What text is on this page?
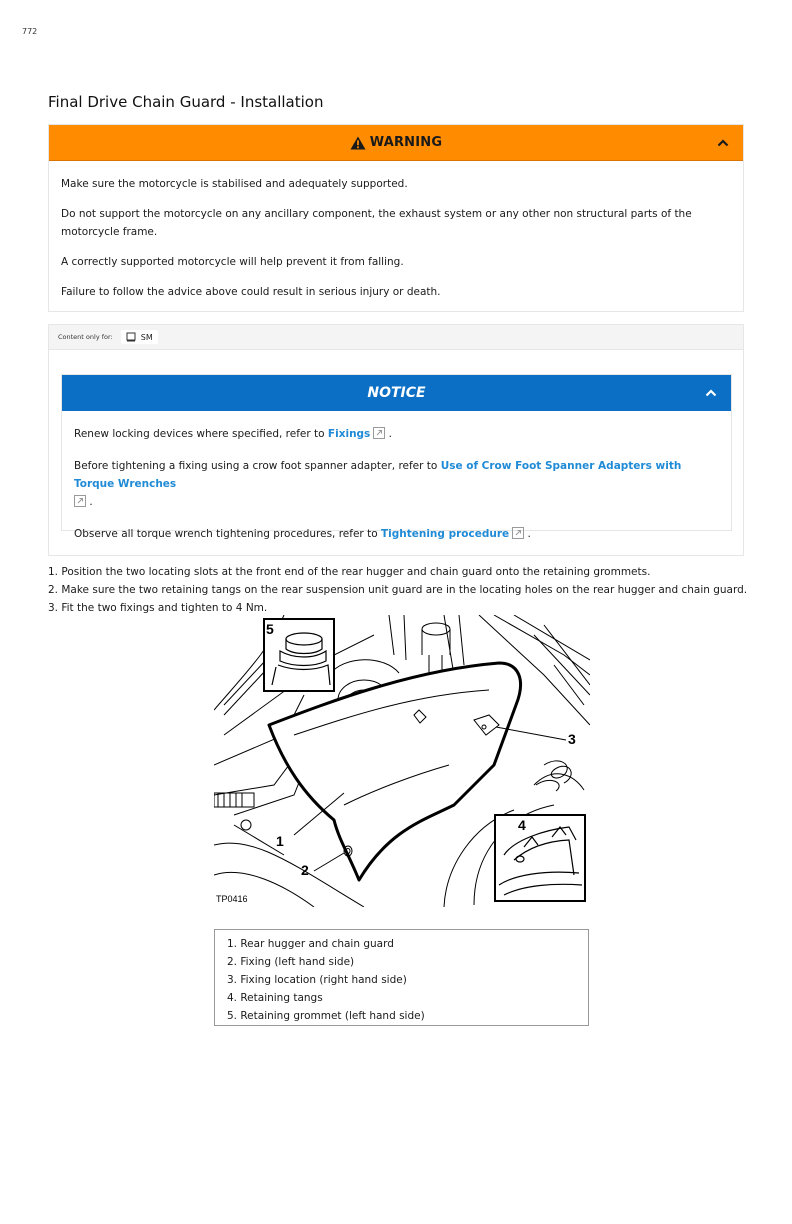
772
Final Drive Chain Guard - Installation
WARNING

Make sure the motorcycle is stabilised and adequately supported.

Do not support the motorcycle on any ancillary component, the exhaust system or any other non structural parts of the motorcycle frame.

A correctly supported motorcycle will help prevent it from falling.

Failure to follow the advice above could result in serious injury or death.

Content only for:	SM
NOTICE

Renew locking devices where specified, refer to Fixings .

Before tightening a fixing using a crow foot spanner adapter, refer to Use of Crow Foot Spanner Adapters with Torque Wrenches
.

Observe all torque wrench tightening procedures, refer to Tightening procedure .

1. Position the two locating slots at the front end of the rear hugger and chain guard onto the retaining grommets.
2. Make sure the two retaining tangs on the rear suspension unit guard are in the locating holes on the rear hugger and chain guard.
3. Fit the two fixings and tighten to 4 Nm.
5
1
2
3
4
TP0416
1. Rear hugger and chain guard
2. Fixing (left hand side)
3. Fixing location (right hand side)
4. Retaining tangs
5. Retaining grommet (left hand side)
